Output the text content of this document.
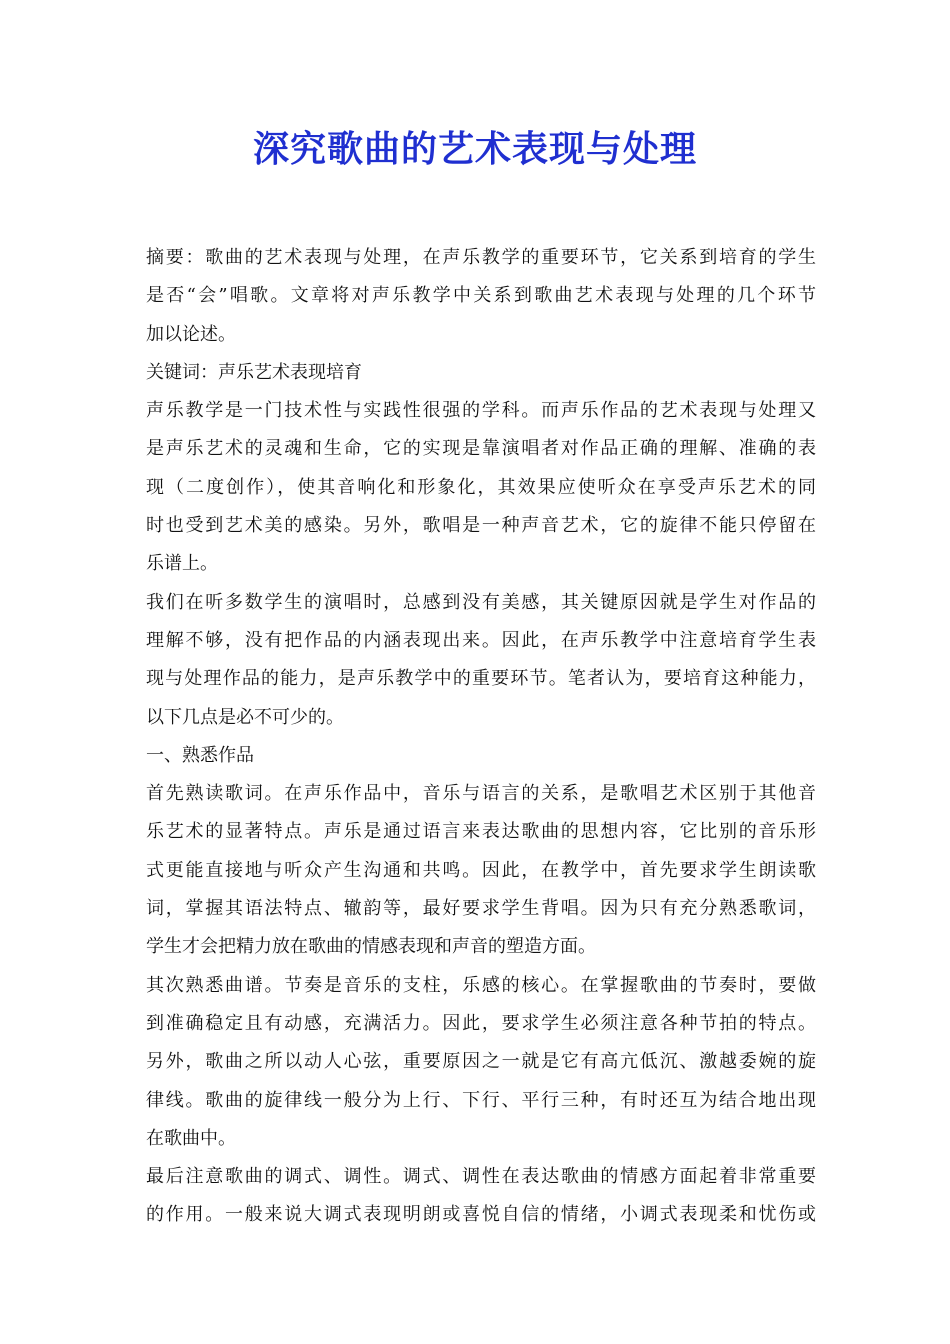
深究歌曲的艺术表现与处理
摘要：歌曲的艺术表现与处理，在声乐教学的重要环节，它关系到培育的学生
是否“会”唱歌。文章将对声乐教学中关系到歌曲艺术表现与处理的几个环节
加以论述。
关键词：声乐艺术表现培育
声乐教学是一门技术性与实践性很强的学科。而声乐作品的艺术表现与处理又
是声乐艺术的灵魂和生命，它的实现是靠演唱者对作品正确的理解、准确的表
现（二度创作），使其音响化和形象化，其效果应使听众在享受声乐艺术的同
时也受到艺术美的感染。另外，歌唱是一种声音艺术，它的旋律不能只停留在
乐谱上。
我们在听多数学生的演唱时，总感到没有美感，其关键原因就是学生对作品的
理解不够，没有把作品的内涵表现出来。因此，在声乐教学中注意培育学生表
现与处理作品的能力，是声乐教学中的重要环节。笔者认为，要培育这种能力，
以下几点是必不可少的。
一、熟悉作品
首先熟读歌词。在声乐作品中，音乐与语言的关系，是歌唱艺术区别于其他音
乐艺术的显著特点。声乐是通过语言来表达歌曲的思想内容，它比别的音乐形
式更能直接地与听众产生沟通和共鸣。因此，在教学中，首先要求学生朗读歌
词，掌握其语法特点、辙韵等，最好要求学生背唱。因为只有充分熟悉歌词，
学生才会把精力放在歌曲的情感表现和声音的塑造方面。
其次熟悉曲谱。节奏是音乐的支柱，乐感的核心。在掌握歌曲的节奏时，要做
到准确稳定且有动感，充满活力。因此，要求学生必须注意各种节拍的特点。
另外，歌曲之所以动人心弦，重要原因之一就是它有高亢低沉、激越委婉的旋
律线。歌曲的旋律线一般分为上行、下行、平行三种，有时还互为结合地出现
在歌曲中。
最后注意歌曲的调式、调性。调式、调性在表达歌曲的情感方面起着非常重要
的作用。一般来说大调式表现明朗或喜悦自信的情绪，小调式表现柔和忧伤或
